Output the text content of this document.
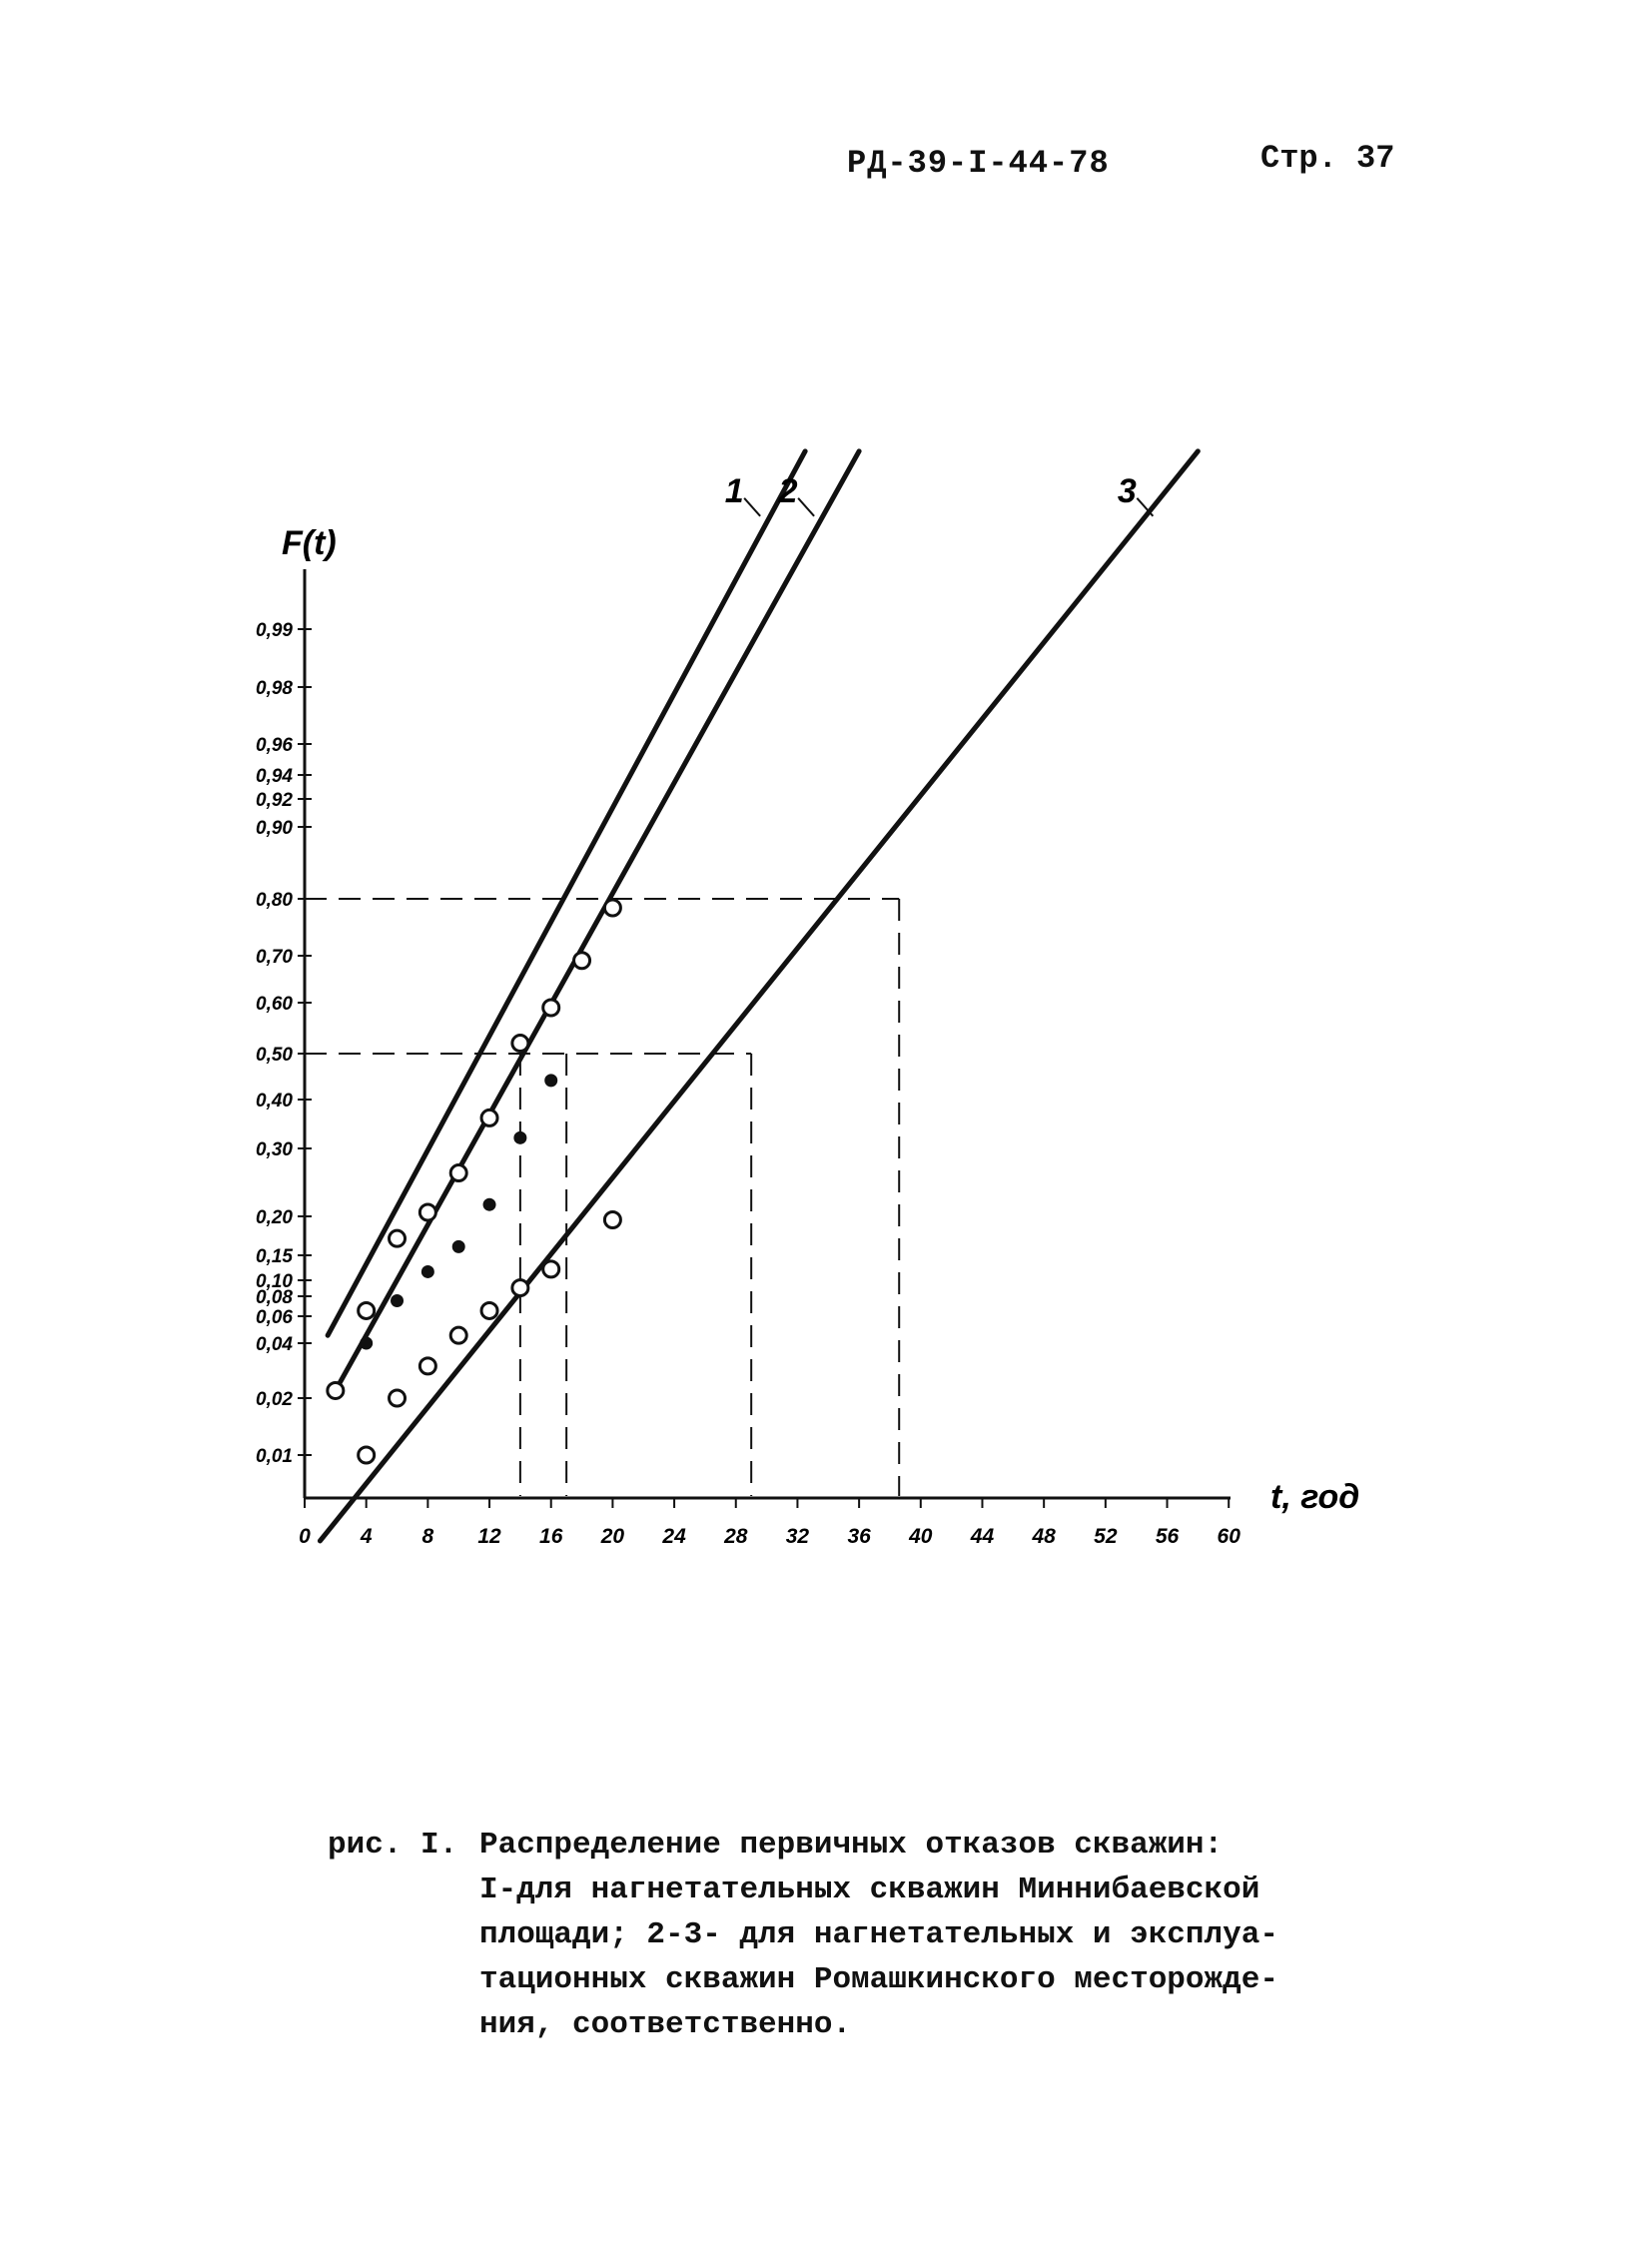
РД-39-I-44-78	Стр. 37
F(t)
t, год
0 4 8 12 16 20 24 28 32 36 40 44 48 52 56 60
0,01
0,02
0,04
0,06
0,08
0,10
0,15
0,20
0,30
0,40
0,50
0,60
0,70
0,80
0,90
0,92
0,94
0,96
0,98
0,99
1 2	3
рис. I. Распределение первичных отказов скважин:
I-для нагнетательных скважин Миннибаевской
площади; 2-3- для нагнетательных и эксплуа-
тационных скважин Ромашкинского месторожде-
ния, соответственно.
